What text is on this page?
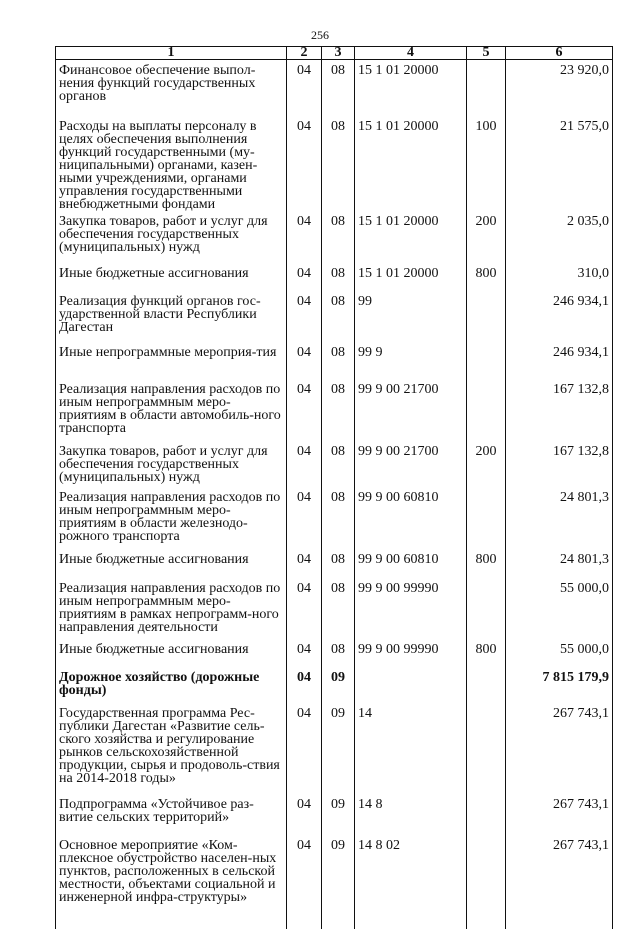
256
1	2	3	4	5	6
Финансовое обеспечение выпол-нения функций государственных органов	04	08	15 1 01 20000		23 920,0
Расходы на выплаты персоналу в целях обеспечения выполнения функций государственными (му-ниципальными) органами, казен-ными учреждениями, органами управления государственными внебюджетными фондами	04	08	15 1 01 20000	100	21 575,0
Закупка товаров, работ и услуг для обеспечения государственных (муниципальных) нужд	04	08	15 1 01 20000	200	2 035,0
Иные бюджетные ассигнования	04	08	15 1 01 20000	800	310,0
Реализация функций органов гос-ударственной власти Республики Дагестан	04	08	99		246 934,1
Иные непрограммные мероприя-тия	04	08	99 9		246 934,1
Реализация направления расходов по иным непрограммным меро-приятиям в области автомобиль-ного транспорта	04	08	99 9 00 21700		167 132,8
Закупка товаров, работ и услуг для обеспечения государственных (муниципальных) нужд	04	08	99 9 00 21700	200	167 132,8
Реализация направления расходов по иным непрограммным меро-приятиям в области железнодо-рожного транспорта	04	08	99 9 00 60810		24 801,3
Иные бюджетные ассигнования	04	08	99 9 00 60810	800	24 801,3
Реализация направления расходов по иным непрограммным меро-приятиям в рамках непрограмм-ного направления деятельности	04	08	99 9 00 99990		55 000,0
Иные бюджетные ассигнования	04	08	99 9 00 99990	800	55 000,0
Дорожное хозяйство (дорожные фонды)	04	09			7 815 179,9
Государственная программа Рес-публики Дагестан «Развитие сель-ского хозяйства и регулирование рынков сельскохозяйственной продукции, сырья и продоволь-ствия на 2014-2018 годы»	04	09	14		267 743,1
Подпрограмма «Устойчивое раз-витие сельских территорий»	04	09	14 8		267 743,1
Основное мероприятие «Ком-плексное обустройство населен-ных пунктов, расположенных в сельской местности, объектами социальной и инженерной инфра-структуры»	04	09	14 8 02		267 743,1
